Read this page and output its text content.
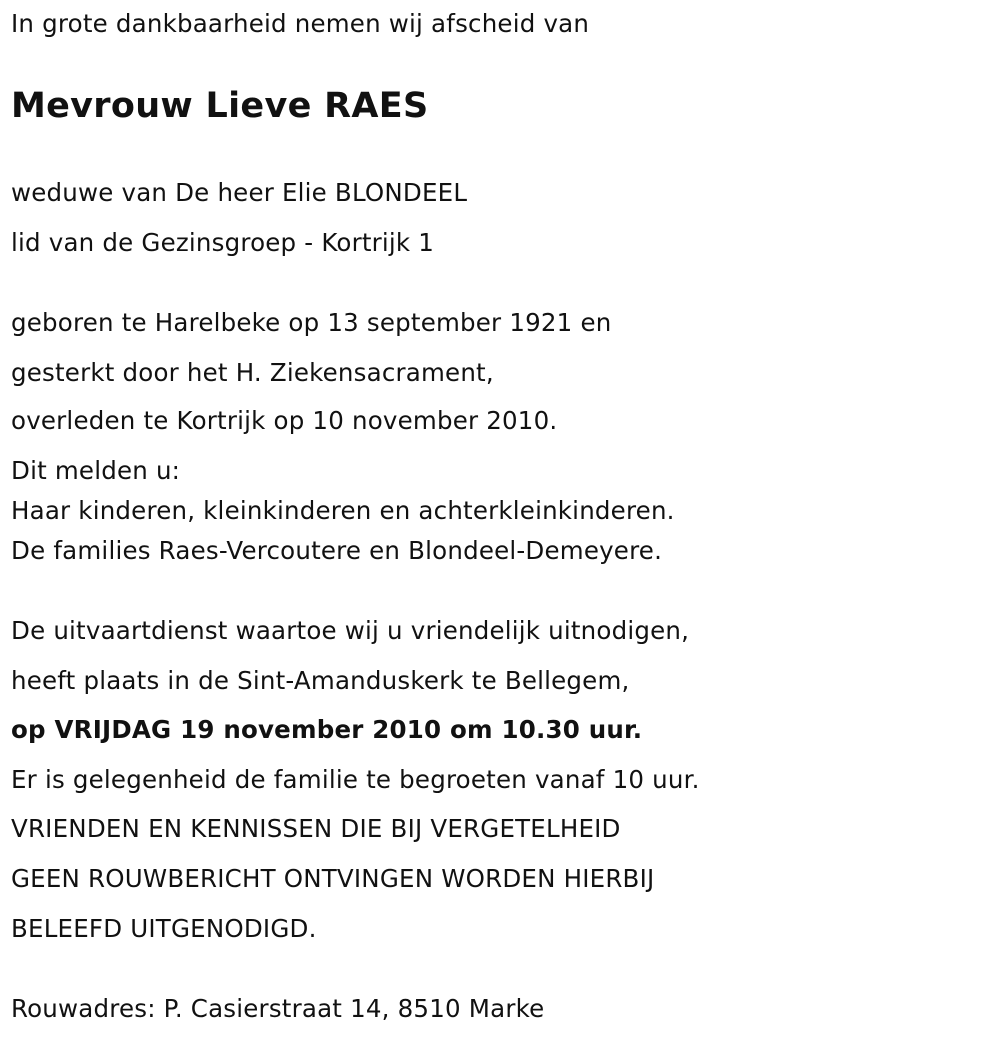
In grote dankbaarheid nemen wij afscheid van
Mevrouw Lieve RAES
weduwe van De heer Elie BLONDEEL
lid van de Gezinsgroep - Kortrijk 1
geboren te Harelbeke op 13 september 1921 en
gesterkt door het H. Ziekensacrament,
overleden te Kortrijk op 10 november 2010.
Dit melden u:
Haar kinderen, kleinkinderen en achterkleinkinderen.
De families Raes-Vercoutere en Blondeel-Demeyere.
De uitvaartdienst waartoe wij u vriendelijk uitnodigen,
heeft plaats in de Sint-Amanduskerk te Bellegem,
op VRIJDAG 19 november 2010 om 10.30 uur.
Er is gelegenheid de familie te begroeten vanaf 10 uur.
VRIENDEN EN KENNISSEN DIE BIJ VERGETELHEID
GEEN ROUWBERICHT ONTVINGEN WORDEN HIERBIJ
BELEEFD UITGENODIGD.
Rouwadres: P. Casierstraat 14, 8510 Marke
